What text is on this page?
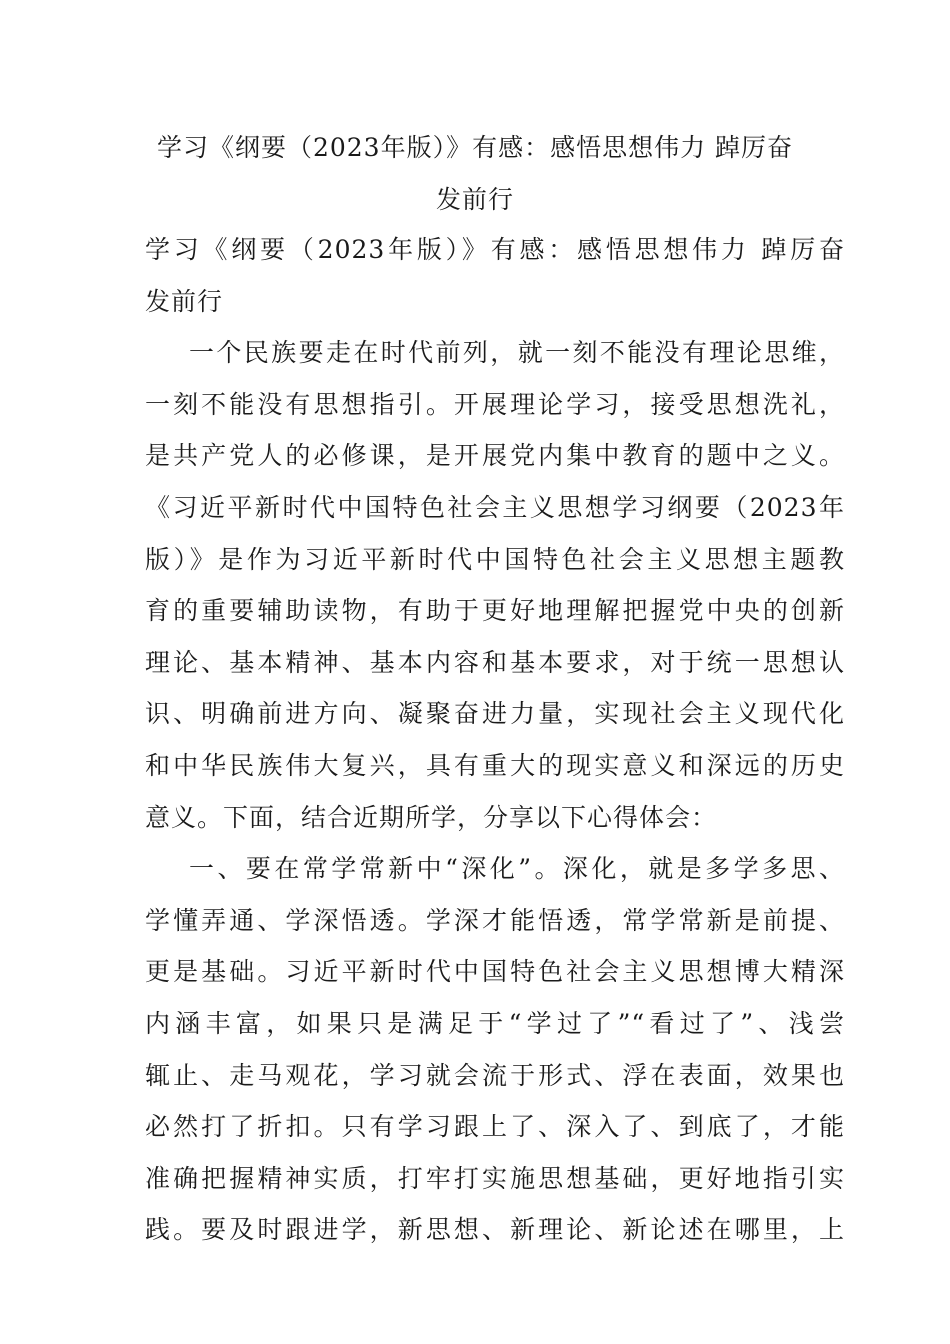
学习《纲要（2023年版）》有感：感悟思想伟力 踔厉奋
发前行
学习《纲要（2023年版）》有感：感悟思想伟力 踔厉奋
发前行
一个民族要走在时代前列，就一刻不能没有理论思维，
一刻不能没有思想指引。开展理论学习，接受思想洗礼，
是共产党人的必修课，是开展党内集中教育的题中之义。
《习近平新时代中国特色社会主义思想学习纲要（2023年
版）》是作为习近平新时代中国特色社会主义思想主题教
育的重要辅助读物，有助于更好地理解把握党中央的创新
理论、基本精神、基本内容和基本要求，对于统一思想认
识、明确前进方向、凝聚奋进力量，实现社会主义现代化
和中华民族伟大复兴，具有重大的现实意义和深远的历史
意义。下面，结合近期所学，分享以下心得体会：
一、要在常学常新中“深化”。深化，就是多学多思、
学懂弄通、学深悟透。学深才能悟透，常学常新是前提、
更是基础。习近平新时代中国特色社会主义思想博大精深
内涵丰富，如果只是满足于“学过了”“看过了”、浅尝
辄止、走马观花，学习就会流于形式、浮在表面，效果也
必然打了折扣。只有学习跟上了、深入了、到底了，才能
准确把握精神实质，打牢打实施思想基础，更好地指引实
践。要及时跟进学，新思想、新理论、新论述在哪里，上
